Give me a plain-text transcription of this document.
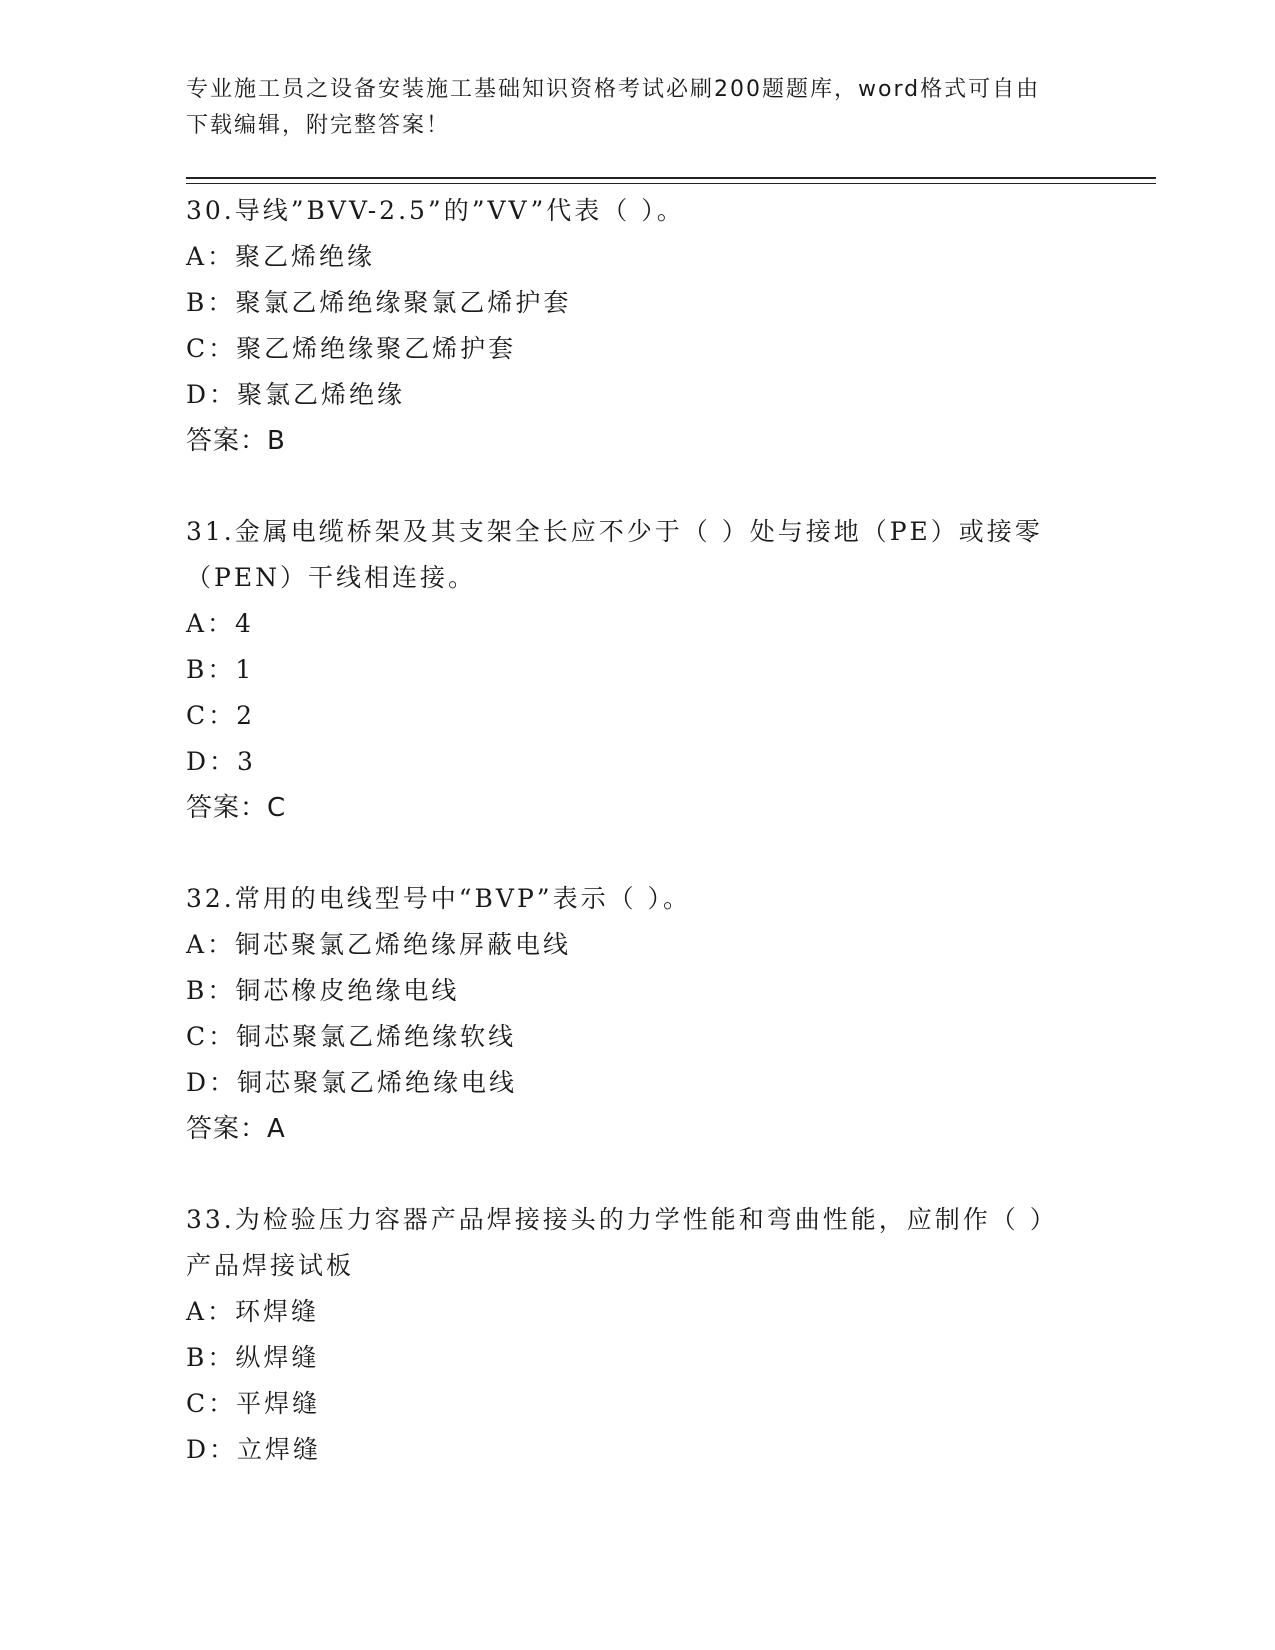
专业施工员之设备安装施工基础知识资格考试必刷200题题库，word格式可自由
下载编辑，附完整答案！
30.导线”BVV-2.5”的”VV”代表（ ）。
A：聚乙烯绝缘
B：聚氯乙烯绝缘聚氯乙烯护套
C：聚乙烯绝缘聚乙烯护套
D：聚氯乙烯绝缘
答案：B
31.金属电缆桥架及其支架全长应不少于（ ）处与接地（PE）或接零（PEN）干线相连接。
A：4
B：1
C：2
D：3
答案：C
32.常用的电线型号中“BVP”表示（ ）。
A：铜芯聚氯乙烯绝缘屏蔽电线
B：铜芯橡皮绝缘电线
C：铜芯聚氯乙烯绝缘软线
D：铜芯聚氯乙烯绝缘电线
答案：A
33.为检验压力容器产品焊接接头的力学性能和弯曲性能，应制作（ ）产品焊接试板
A：环焊缝
B：纵焊缝
C：平焊缝
D：立焊缝
